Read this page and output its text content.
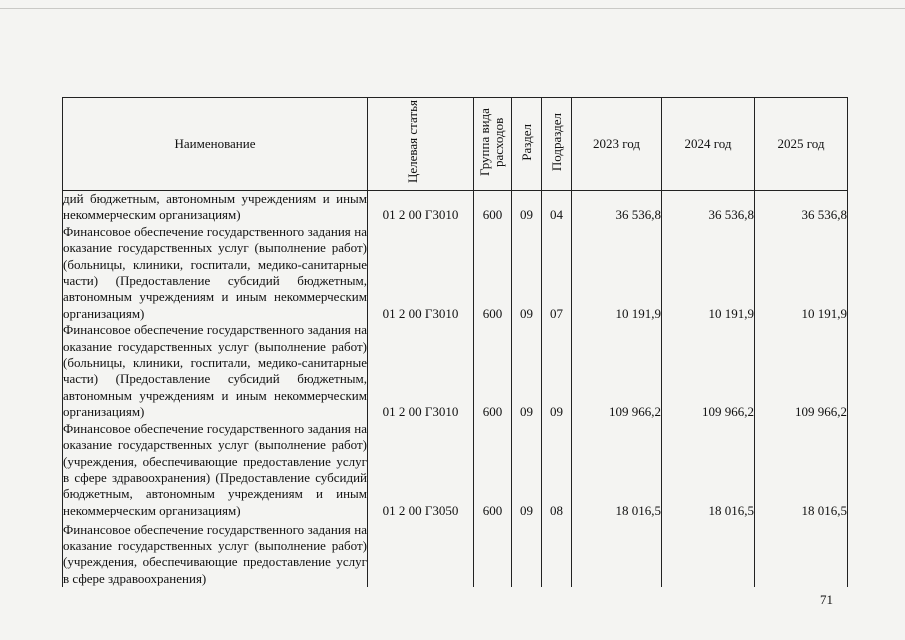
Наименование	Целевая статья	Группа вида расходов	Раздел	Подраздел	2023 год	2024 год	2025 год

дий бюджетным, автономным учреждениям и иным некоммерческим организациям)	01 2 00 Г3010	600	09	04	36 536,8	36 536,8	36 536,8

Финансовое обеспечение государственного задания на оказание государственных услуг (выполнение работ) (больницы, клиники, госпитали, медико-санитарные части) (Предоставление субсидий бюджетным, автономным учреждениям и иным некоммерческим организациям)	01 2 00 Г3010	600	09	07	10 191,9	10 191,9	10 191,9

Финансовое обеспечение государственного задания на оказание государственных услуг (выполнение работ) (больницы, клиники, госпитали, медико-санитарные части) (Предоставление субсидий бюджетным, автономным учреждениям и иным некоммерческим организациям)	01 2 00 Г3010	600	09	09	109 966,2	109 966,2	109 966,2

Финансовое обеспечение государственного задания на оказание государственных услуг (выполнение работ) (учреждения, обеспечивающие предоставление услуг в сфере здравоохранения) (Предоставление субсидий бюджетным, автономным учреждениям и иным некоммерческим организациям)	01 2 00 Г3050	600	09	08	18 016,5	18 016,5	18 016,5

Финансовое обеспечение государственного задания на оказание государственных услуг (выполнение работ) (учреждения, обеспечивающие предоставление услуг в сфере здравоохранения)							

71
